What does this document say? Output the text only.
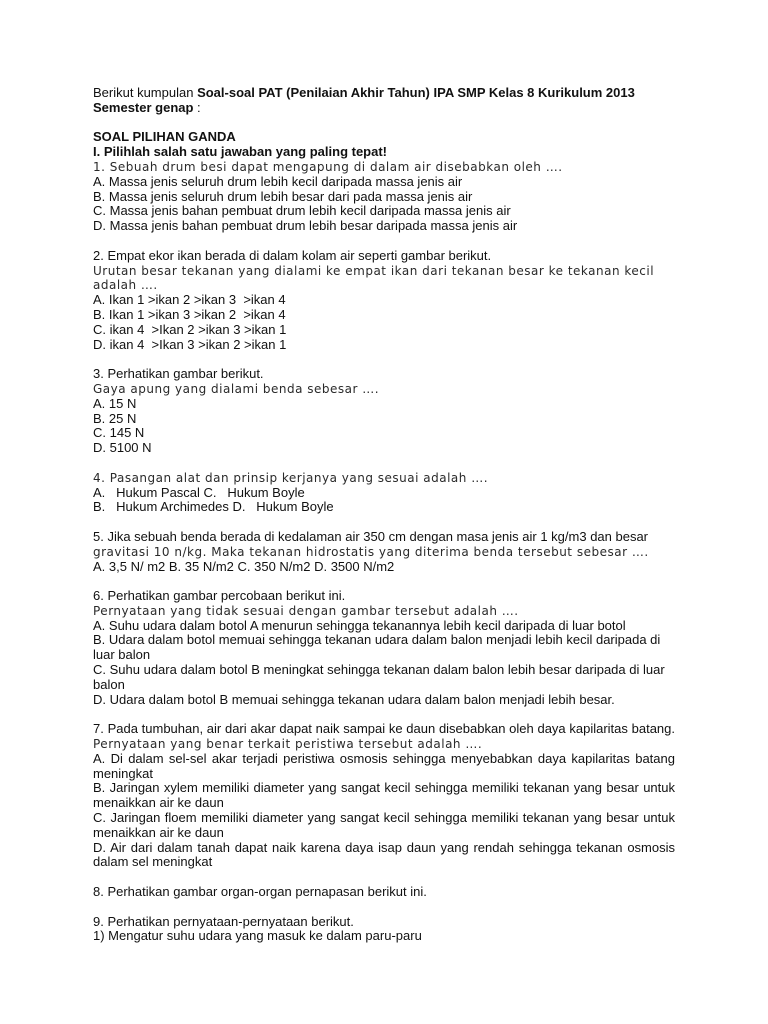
Berikut kumpulan Soal-soal PAT (Penilaian Akhir Tahun) IPA SMP Kelas 8 Kurikulum 2013 Semester genap :

SOAL PILIHAN GANDA

I. Pilihlah salah satu jawaban yang paling tepat!

1. Sebuah drum besi dapat mengapung di dalam air disebabkan oleh ….

A. Massa jenis seluruh drum lebih kecil daripada massa jenis air

B. Massa jenis seluruh drum lebih besar dari pada massa jenis air

C. Massa jenis bahan pembuat drum lebih kecil daripada massa jenis air

D. Massa jenis bahan pembuat drum lebih besar daripada massa jenis air

2. Empat ekor ikan berada di dalam kolam air seperti gambar berikut.

Urutan besar tekanan yang dialami ke empat ikan dari tekanan besar ke tekanan kecil adalah ….

A. Ikan 1 >ikan 2 >ikan 3  >ikan 4

B. Ikan 1 >ikan 3 >ikan 2  >ikan 4

C. ikan 4  >Ikan 2 >ikan 3 >ikan 1

D. ikan 4  >Ikan 3 >ikan 2 >ikan 1

3. Perhatikan gambar berikut.

Gaya apung yang dialami benda sebesar ….

A. 15 N

B. 25 N

C. 145 N

D. 5100 N

4. Pasangan alat dan prinsip kerjanya yang sesuai adalah ….

A.   Hukum Pascal C.   Hukum Boyle

B.   Hukum Archimedes D.   Hukum Boyle

5. Jika sebuah benda berada di kedalaman air 350 cm dengan masa jenis air 1 kg/m3 dan besar

gravitasi 10 n/kg. Maka tekanan hidrostatis yang diterima benda tersebut sebesar ….

A. 3,5 N/ m2 B. 35 N/m2 C. 350 N/m2 D. 3500 N/m2

6. Perhatikan gambar percobaan berikut ini.

Pernyataan yang tidak sesuai dengan gambar tersebut adalah ….

A. Suhu udara dalam botol A menurun sehingga tekanannya lebih kecil daripada di luar botol

B. Udara dalam botol memuai sehingga tekanan udara dalam balon menjadi lebih kecil daripada di luar balon

C. Suhu udara dalam botol B meningkat sehingga tekanan dalam balon lebih besar daripada di luar balon

D. Udara dalam botol B memuai sehingga tekanan udara dalam balon menjadi lebih besar.

7. Pada tumbuhan, air dari akar dapat naik sampai ke daun disebabkan oleh daya kapilaritas batang. Pernyataan yang benar terkait peristiwa tersebut adalah ….

A. Di dalam sel-sel akar terjadi peristiwa osmosis sehingga menyebabkan daya kapilaritas batang meningkat

B. Jaringan xylem memiliki diameter yang sangat kecil sehingga memiliki tekanan yang besar untuk menaikkan air ke daun

C. Jaringan floem memiliki diameter yang sangat kecil sehingga memiliki tekanan yang besar untuk menaikkan air ke daun

D. Air dari dalam tanah dapat naik karena daya isap daun yang rendah sehingga tekanan osmosis dalam sel meningkat

8. Perhatikan gambar organ-organ pernapasan berikut ini.

9. Perhatikan pernyataan-pernyataan berikut.

1) Mengatur suhu udara yang masuk ke dalam paru-paru
